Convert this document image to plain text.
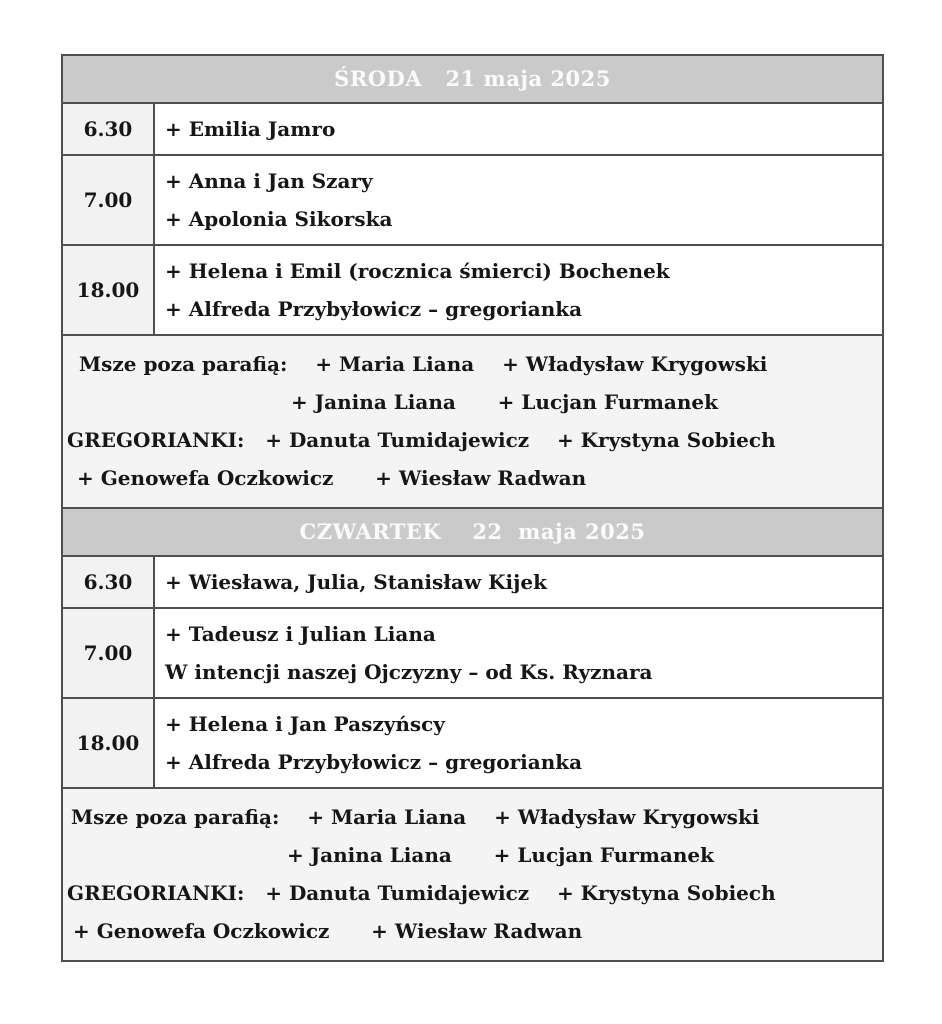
ŚRODA   21 maja 2025
6.30	+ Emilia Jamro
7.00
+ Anna i Jan Szary
+ Apolonia Sikorska
18.00
+ Helena i Emil (rocznica śmierci) Bochenek
+ Alfreda Przybyłowicz – gregorianka
Msze poza parafią:    + Maria Liana    + Władysław Krygowski
+ Janina Liana      + Lucjan Furmanek
GREGORIANKI:   + Danuta Tumidajewicz    + Krystyna Sobiech
+ Genowefa Oczkowicz      + Wiesław Radwan
CZWARTEK    22  maja 2025
6.30	+ Wiesława, Julia, Stanisław Kijek
7.00
+ Tadeusz i Julian Liana
W intencji naszej Ojczyzny – od Ks. Ryznara
18.00
+ Helena i Jan Paszyńscy
+ Alfreda Przybyłowicz – gregorianka
Msze poza parafią:    + Maria Liana    + Władysław Krygowski
+ Janina Liana      + Lucjan Furmanek
GREGORIANKI:   + Danuta Tumidajewicz    + Krystyna Sobiech
+ Genowefa Oczkowicz      + Wiesław Radwan
